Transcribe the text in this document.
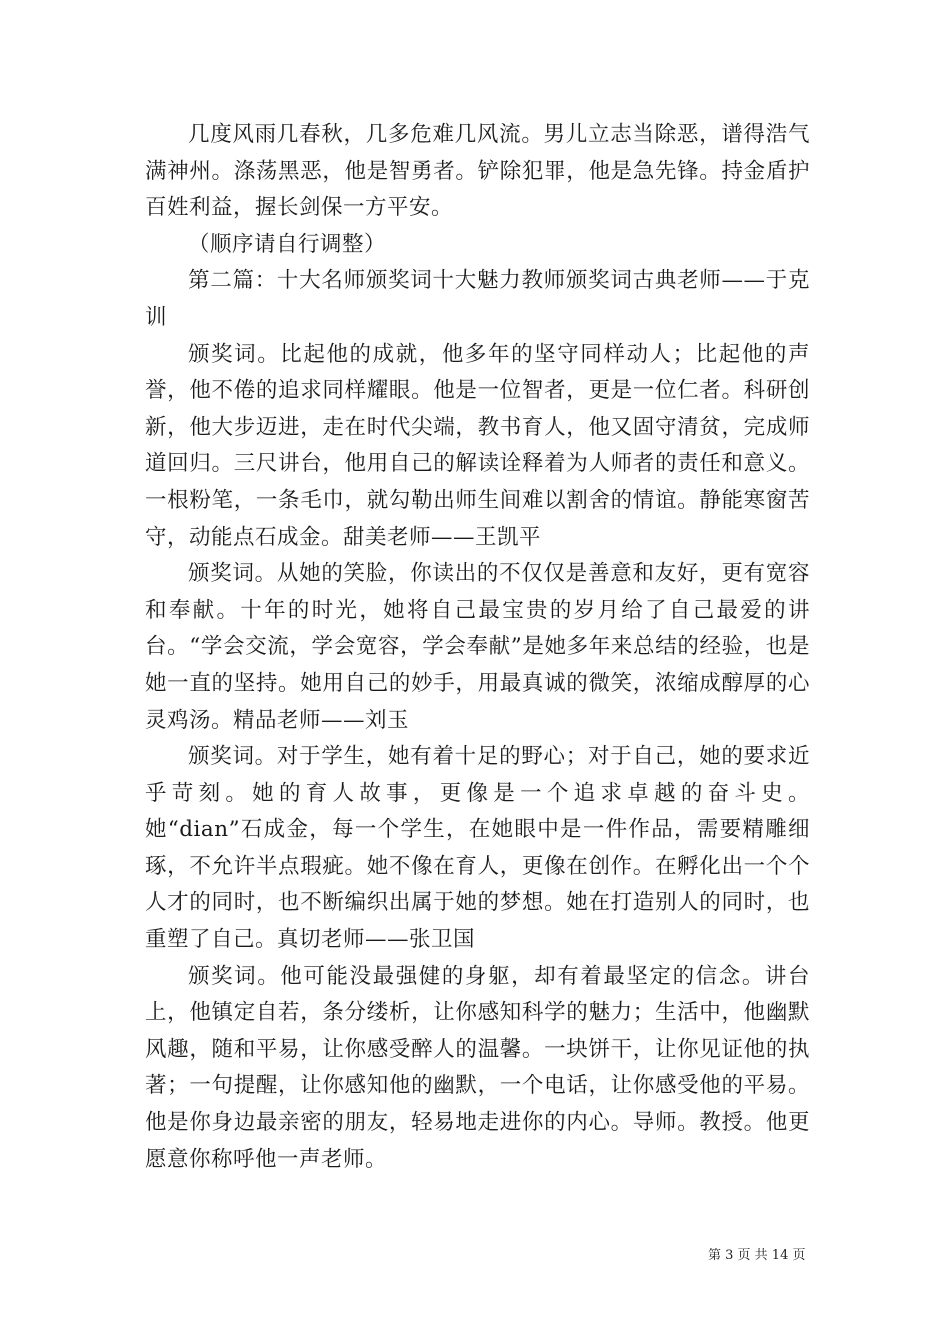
几度风雨几春秋，几多危难几风流。男儿立志当除恶，谱得浩气满神州。涤荡黑恶，他是智勇者。铲除犯罪，他是急先锋。持金盾护百姓利益，握长剑保一方平安。

（顺序请自行调整）

第二篇：十大名师颁奖词十大魅力教师颁奖词古典老师——于克训

颁奖词。比起他的成就，他多年的坚守同样动人；比起他的声誉，他不倦的追求同样耀眼。他是一位智者，更是一位仁者。科研创新，他大步迈进，走在时代尖端，教书育人，他又固守清贫，完成师道回归。三尺讲台，他用自己的解读诠释着为人师者的责任和意义。一根粉笔，一条毛巾，就勾勒出师生间难以割舍的情谊。静能寒窗苦守，动能点石成金。甜美老师——王凯平

颁奖词。从她的笑脸，你读出的不仅仅是善意和友好，更有宽容和奉献。十年的时光，她将自己最宝贵的岁月给了自己最爱的讲台。“学会交流，学会宽容，学会奉献”是她多年来总结的经验，也是她一直的坚持。她用自己的妙手，用最真诚的微笑，浓缩成醇厚的心灵鸡汤。精品老师——刘玉

颁奖词。对于学生，她有着十足的野心；对于自己，她的要求近乎苛刻。她的育人故事，更像是一个追求卓越的奋斗史。她“dian”石成金，每一个学生，在她眼中是一件作品，需要精雕细琢，不允许半点瑕疵。她不像在育人，更像在创作。在孵化出一个个人才的同时，也不断编织出属于她的梦想。她在打造别人的同时，也重塑了自己。真切老师——张卫国

颁奖词。他可能没最强健的身躯，却有着最坚定的信念。讲台上，他镇定自若，条分缕析，让你感知科学的魅力；生活中，他幽默风趣，随和平易，让你感受醉人的温馨。一块饼干，让你见证他的执著；一句提醒，让你感知他的幽默，一个电话，让你感受他的平易。他是你身边最亲密的朋友，轻易地走进你的内心。导师。教授。他更愿意你称呼他一声老师。

第 3 页 共 14 页
